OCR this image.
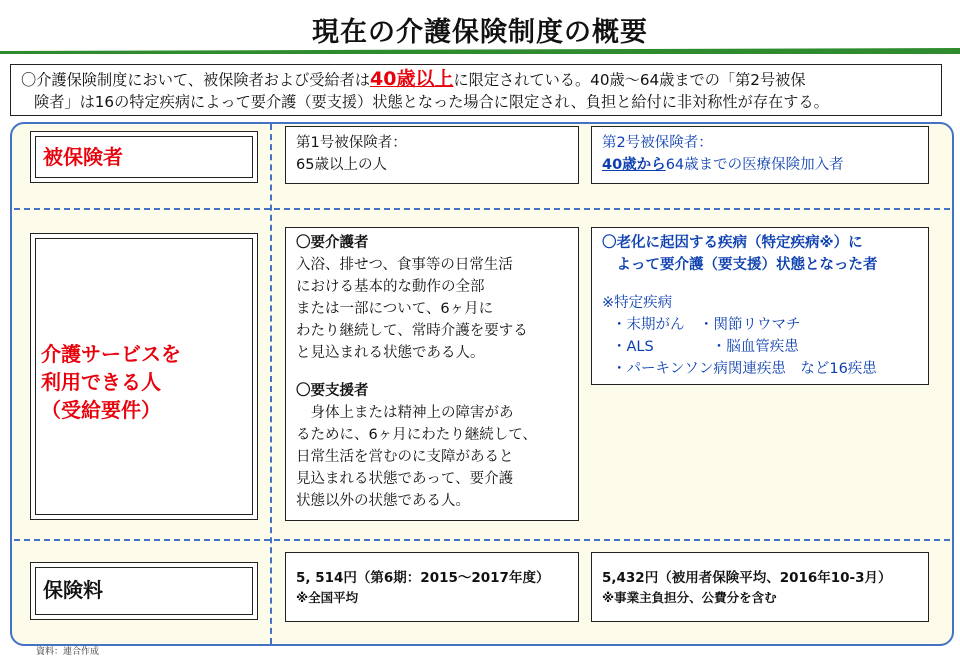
現在の介護保険制度の概要
〇介護保険制度において、被保険者および受給者は40歳以上に限定されている。40歳～64歳までの「第2号被保
険者」は16の特定疾病によって要介護（要支援）状態となった場合に限定され、負担と給付に非対称性が存在する。
被保険者
第1号被保険者：
65歳以上の人
第2号被保険者：
40歳から64歳までの医療保険加入者
介護サービスを
利用できる人
（受給要件）
〇要介護者
入浴、排せつ、食事等の日常生活
における基本的な動作の全部
または一部について、6ヶ月に
わたり継続して、常時介護を要する
と見込まれる状態である人。
〇要支援者
　身体上または精神上の障害があ
るために、6ヶ月にわたり継続して、
日常生活を営むのに支障があると
見込まれる状態であって、要介護
状態以外の状態である人。
〇老化に起因する疾病（特定疾病※）に
　よって要介護（要支援）状態となった者
※特定疾病
・末期がん　・関節リウマチ
・ALS　　　　・脳血管疾患
・パーキンソン病関連疾患　など16疾患
保険料	5, 514円（第6期：2015～2017年度）
※全国平均
5,432円（被用者保険平均、2016年10-3月）
※事業主負担分、公費分を含む
資料：連合作成
